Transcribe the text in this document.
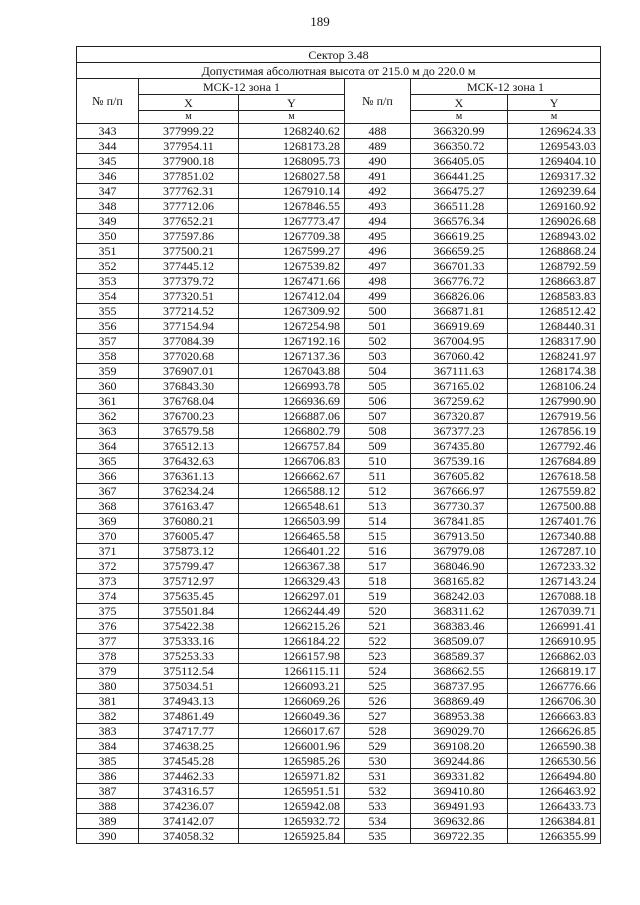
189
Сектор 3.48					
Допустимая абсолютная высота от 215.0 м до 220.0 м					
№ п/п	МСК-12 зона 1		№ п/п	МСК-12 зона 1	
	X	Y		X	Y
	м	м		м	м
343	377999.22	1268240.62	488	366320.99	1269624.33
344	377954.11	1268173.28	489	366350.72	1269543.03
345	377900.18	1268095.73	490	366405.05	1269404.10
346	377851.02	1268027.58	491	366441.25	1269317.32
347	377762.31	1267910.14	492	366475.27	1269239.64
348	377712.06	1267846.55	493	366511.28	1269160.92
349	377652.21	1267773.47	494	366576.34	1269026.68
350	377597.86	1267709.38	495	366619.25	1268943.02
351	377500.21	1267599.27	496	366659.25	1268868.24
352	377445.12	1267539.82	497	366701.33	1268792.59
353	377379.72	1267471.66	498	366776.72	1268663.87
354	377320.51	1267412.04	499	366826.06	1268583.83
355	377214.52	1267309.92	500	366871.81	1268512.42
356	377154.94	1267254.98	501	366919.69	1268440.31
357	377084.39	1267192.16	502	367004.95	1268317.90
358	377020.68	1267137.36	503	367060.42	1268241.97
359	376907.01	1267043.88	504	367111.63	1268174.38
360	376843.30	1266993.78	505	367165.02	1268106.24
361	376768.04	1266936.69	506	367259.62	1267990.90
362	376700.23	1266887.06	507	367320.87	1267919.56
363	376579.58	1266802.79	508	367377.23	1267856.19
364	376512.13	1266757.84	509	367435.80	1267792.46
365	376432.63	1266706.83	510	367539.16	1267684.89
366	376361.13	1266662.67	511	367605.82	1267618.58
367	376234.24	1266588.12	512	367666.97	1267559.82
368	376163.47	1266548.61	513	367730.37	1267500.88
369	376080.21	1266503.99	514	367841.85	1267401.76
370	376005.47	1266465.58	515	367913.50	1267340.88
371	375873.12	1266401.22	516	367979.08	1267287.10
372	375799.47	1266367.38	517	368046.90	1267233.32
373	375712.97	1266329.43	518	368165.82	1267143.24
374	375635.45	1266297.01	519	368242.03	1267088.18
375	375501.84	1266244.49	520	368311.62	1267039.71
376	375422.38	1266215.26	521	368383.46	1266991.41
377	375333.16	1266184.22	522	368509.07	1266910.95
378	375253.33	1266157.98	523	368589.37	1266862.03
379	375112.54	1266115.11	524	368662.55	1266819.17
380	375034.51	1266093.21	525	368737.95	1266776.66
381	374943.13	1266069.26	526	368869.49	1266706.30
382	374861.49	1266049.36	527	368953.38	1266663.83
383	374717.77	1266017.67	528	369029.70	1266626.85
384	374638.25	1266001.96	529	369108.20	1266590.38
385	374545.28	1265985.26	530	369244.86	1266530.56
386	374462.33	1265971.82	531	369331.82	1266494.80
387	374316.57	1265951.51	532	369410.80	1266463.92
388	374236.07	1265942.08	533	369491.93	1266433.73
389	374142.07	1265932.72	534	369632.86	1266384.81
390	374058.32	1265925.84	535	369722.35	1266355.99
